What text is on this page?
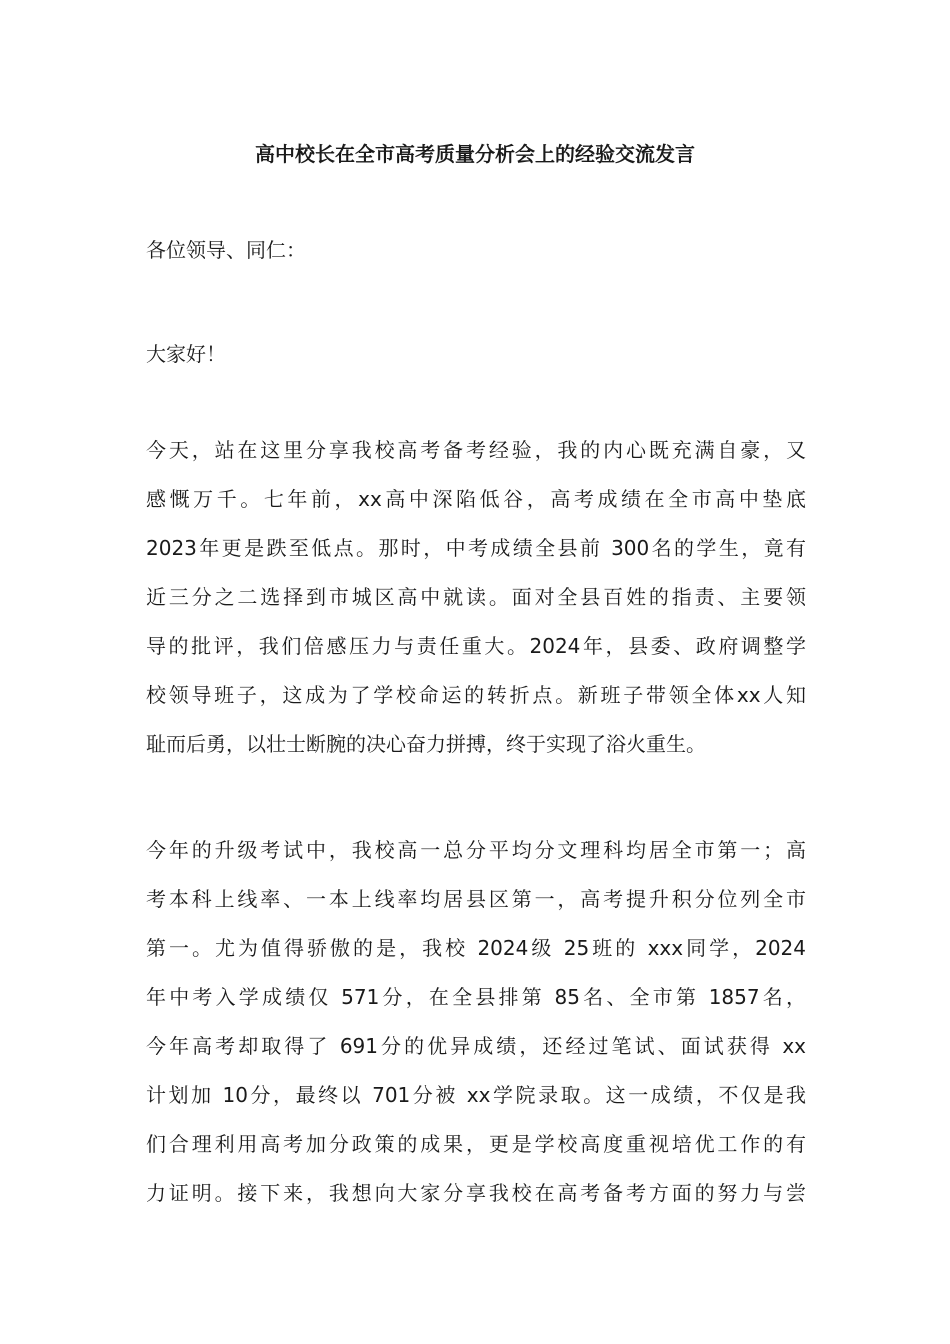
高中校长在全市高考质量分析会上的经验交流发言
各位领导、同仁：
大家好！
今天，站在这里分享我校高考备考经验，我的内心既充满自豪，又
感慨万千。七年前，xx高中深陷低谷，高考成绩在全市高中垫底
2023年更是跌至低点。那时，中考成绩全县前 300名的学生，竟有
近三分之二选择到市城区高中就读。面对全县百姓的指责、主要领
导的批评，我们倍感压力与责任重大。2024年，县委、政府调整学
校领导班子，这成为了学校命运的转折点。新班子带领全体xx人知
耻而后勇，以壮士断腕的决心奋力拼搏，终于实现了浴火重生。
今年的升级考试中，我校高一总分平均分文理科均居全市第一；高
考本科上线率、一本上线率均居县区第一，高考提升积分位列全市
第一。尤为值得骄傲的是，我校 2024级 25班的 xxx同学，2024
年中考入学成绩仅 571分，在全县排第 85名、全市第 1857名，
今年高考却取得了 691分的优异成绩，还经过笔试、面试获得 xx
计划加 10分，最终以 701分被 xx学院录取。这一成绩，不仅是我
们合理利用高考加分政策的成果，更是学校高度重视培优工作的有
力证明。接下来，我想向大家分享我校在高考备考方面的努力与尝
